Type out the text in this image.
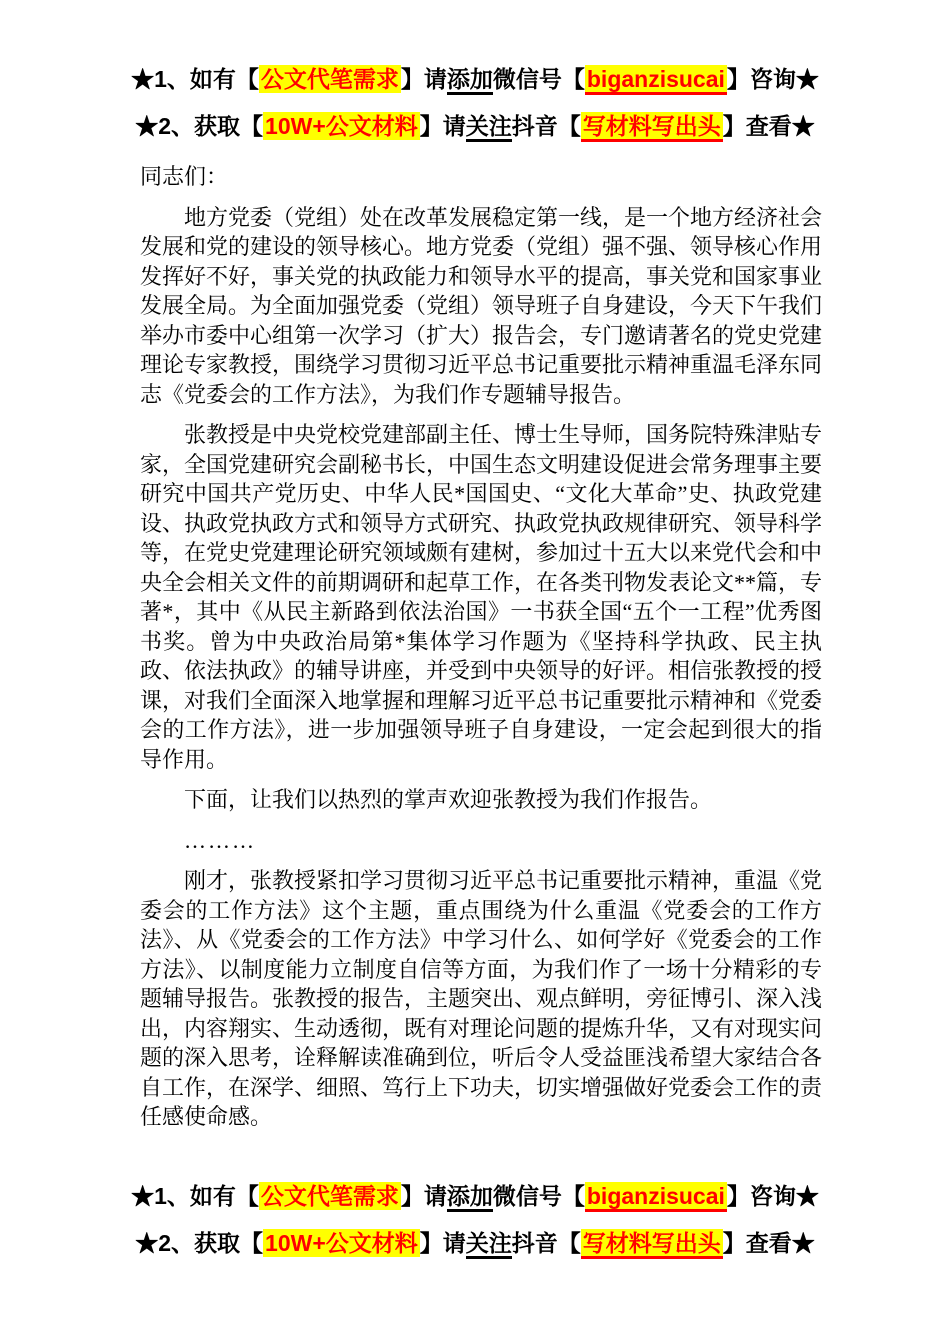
★1、如有【公文代笔需求】请添加微信号【biganzisucai】咨询★

★2、获取【10W+公文材料】请关注抖音【写材料写出头】查看★

同志们：

地方党委（党组）处在改革发展稳定第一线，是一个地方经济社会发展和党的建设的领导核心。地方党委（党组）强不强、领导核心作用发挥好不好，事关党的执政能力和领导水平的提高，事关党和国家事业发展全局。为全面加强党委（党组）领导班子自身建设，今天下午我们举办市委中心组第一次学习（扩大）报告会，专门邀请著名的党史党建理论专家教授，围绕学习贯彻习近平总书记重要批示精神重温毛泽东同志《党委会的工作方法》，为我们作专题辅导报告。

张教授是中央党校党建部副主任、博士生导师，国务院特殊津贴专家，全国党建研究会副秘书长，中国生态文明建设促进会常务理事主要研究中国共产党历史、中华人民*国国史、“文化大革命”史、执政党建设、执政党执政方式和领导方式研究、执政党执政规律研究、领导科学等，在党史党建理论研究领域颇有建树，参加过十五大以来党代会和中央全会相关文件的前期调研和起草工作，在各类刊物发表论文**篇，专著*，其中《从民主新路到依法治国》一书获全国“五个一工程”优秀图书奖。曾为中央政治局第*集体学习作题为《坚持科学执政、民主执政、依法执政》的辅导讲座，并受到中央领导的好评。相信张教授的授课，对我们全面深入地掌握和理解习近平总书记重要批示精神和《党委会的工作方法》，进一步加强领导班子自身建设，一定会起到很大的指导作用。

下面，让我们以热烈的掌声欢迎张教授为我们作报告。

………

刚才，张教授紧扣学习贯彻习近平总书记重要批示精神，重温《党委会的工作方法》这个主题，重点围绕为什么重温《党委会的工作方法》、从《党委会的工作方法》中学习什么、如何学好《党委会的工作方法》、以制度能力立制度自信等方面，为我们作了一场十分精彩的专题辅导报告。张教授的报告，主题突出、观点鲜明，旁征博引、深入浅出，内容翔实、生动透彻，既有对理论问题的提炼升华，又有对现实问题的深入思考，诠释解读准确到位，听后令人受益匪浅希望大家结合各自工作，在深学、细照、笃行上下功夫，切实增强做好党委会工作的责任感使命感。

★1、如有【公文代笔需求】请添加微信号【biganzisucai】咨询★

★2、获取【10W+公文材料】请关注抖音【写材料写出头】查看★
